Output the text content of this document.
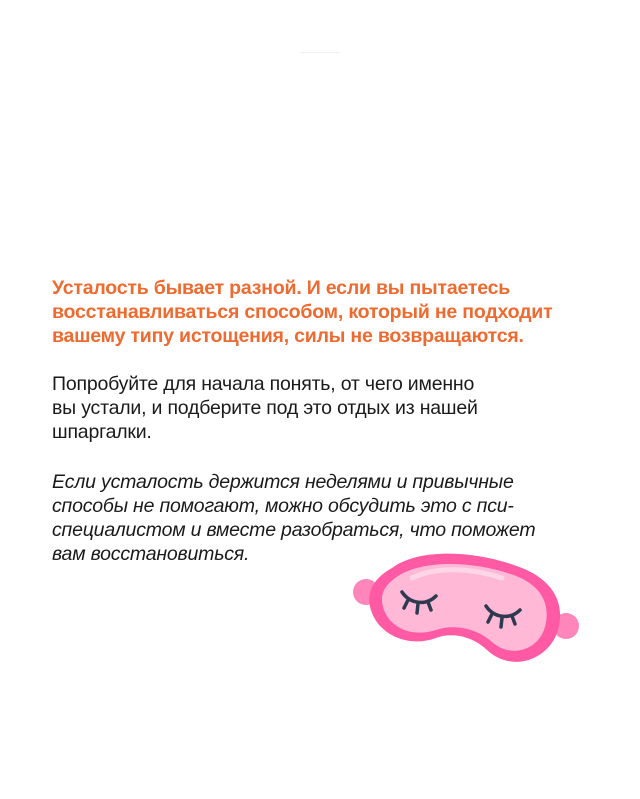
Усталость бывает разной. И если вы пытаетесь
восстанавливаться способом, который не подходит
вашему типу истощения, силы не возвращаются.

Попробуйте для начала понять, от чего именно
вы устали, и подберите под это отдых из нашей
шпаргалки.

Если усталость держится неделями и привычные
способы не помогают, можно обсудить это с пси-
специалистом и вместе разобраться, что поможет
вам восстановиться.
